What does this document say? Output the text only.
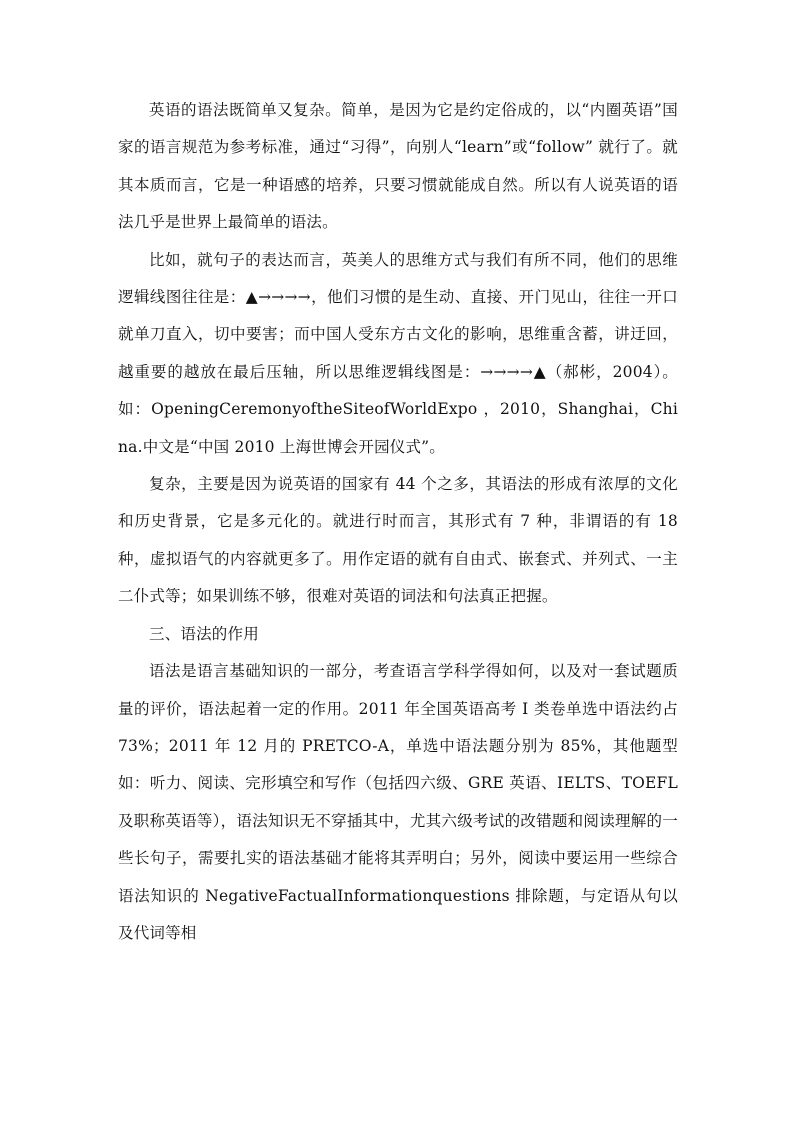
英语的语法既简单又复杂。简单，是因为它是约定俗成的，以“内圈英语”国家的语言规范为参考标准，通过“习得”，向别人“learn”或“follow” 就行了。就其本质而言，它是一种语感的培养，只要习惯就能成自然。所以有人说英语的语法几乎是世界上最简单的语法。

比如，就句子的表达而言，英美人的思维方式与我们有所不同，他们的思维逻辑线图往往是：▲→→→→，他们习惯的是生动、直接、开门见山，往往一开口就单刀直入，切中要害；而中国人受东方古文化的影响，思维重含蓄，讲迂回，越重要的越放在最后压轴，所以思维逻辑线图是：→→→→▲（郝彬，2004）。如：OpeningCeremonyoftheSiteofWorldExpo ，2010，Shanghai，China.中文是“中国 2010 上海世博会开园仪式”。

复杂，主要是因为说英语的国家有 44 个之多，其语法的形成有浓厚的文化和历史背景，它是多元化的。就进行时而言，其形式有 7 种，非谓语的有 18 种，虚拟语气的内容就更多了。用作定语的就有自由式、嵌套式、并列式、一主二仆式等；如果训练不够，很难对英语的词法和句法真正把握。

三、语法的作用

语法是语言基础知识的一部分，考查语言学科学得如何，以及对一套试题质量的评价，语法起着一定的作用。2011 年全国英语高考 I 类卷单选中语法约占 73%；2011 年 12 月的 PRETCO-A，单选中语法题分别为 85%，其他题型如：听力、阅读、完形填空和写作（包括四六级、GRE 英语、IELTS、TOEFL 及职称英语等），语法知识无不穿插其中，尤其六级考试的改错题和阅读理解的一些长句子，需要扎实的语法基础才能将其弄明白；另外，阅读中要运用一些综合语法知识的 NegativeFactualInformationquestions 排除题，与定语从句以及代词等相
